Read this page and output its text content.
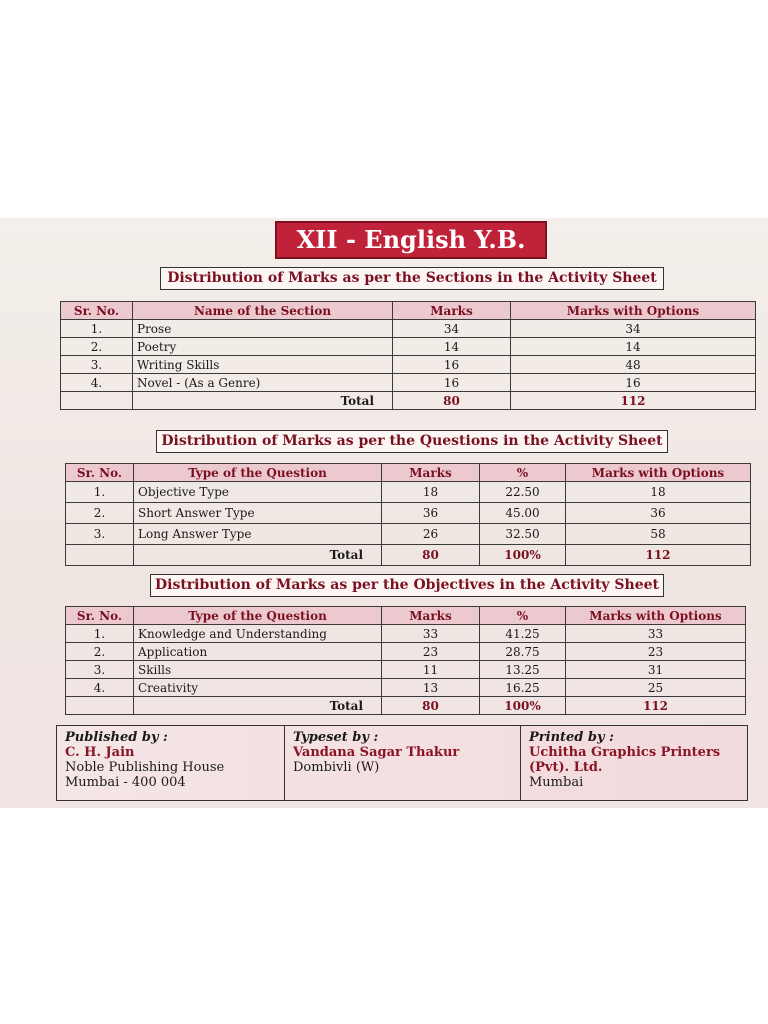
XII - English Y.B.
Distribution of Marks as per the Sections in the Activity Sheet
Sr. No.	Name of the Section	Marks	Marks with Options
1.	Prose	34	34
2.	Poetry	14	14
3.	Writing Skills	16	48
4.	Novel - (As a Genre)	16	16
	Total	80	112
Distribution of Marks as per the Questions in the Activity Sheet
Sr. No.	Type of the Question	Marks	%	Marks with Options
1.	Objective Type	18	22.50	18
2.	Short Answer Type	36	45.00	36
3.	Long Answer Type	26	32.50	58
	Total	80	100%	112
Distribution of Marks as per the Objectives in the Activity Sheet
Sr. No.	Type of the Question	Marks	%	Marks with Options
1.	Knowledge and Understanding	33	41.25	33
2.	Application	23	28.75	23
3.	Skills	11	13.25	31
4.	Creativity	13	16.25	25
	Total	80	100%	112
Published by :
C. H. Jain
Noble Publishing House
Mumbai - 400 004
Typeset by :
Vandana Sagar Thakur
Dombivli (W)
Printed by :
Uchitha Graphics Printers
(Pvt). Ltd.
Mumbai
